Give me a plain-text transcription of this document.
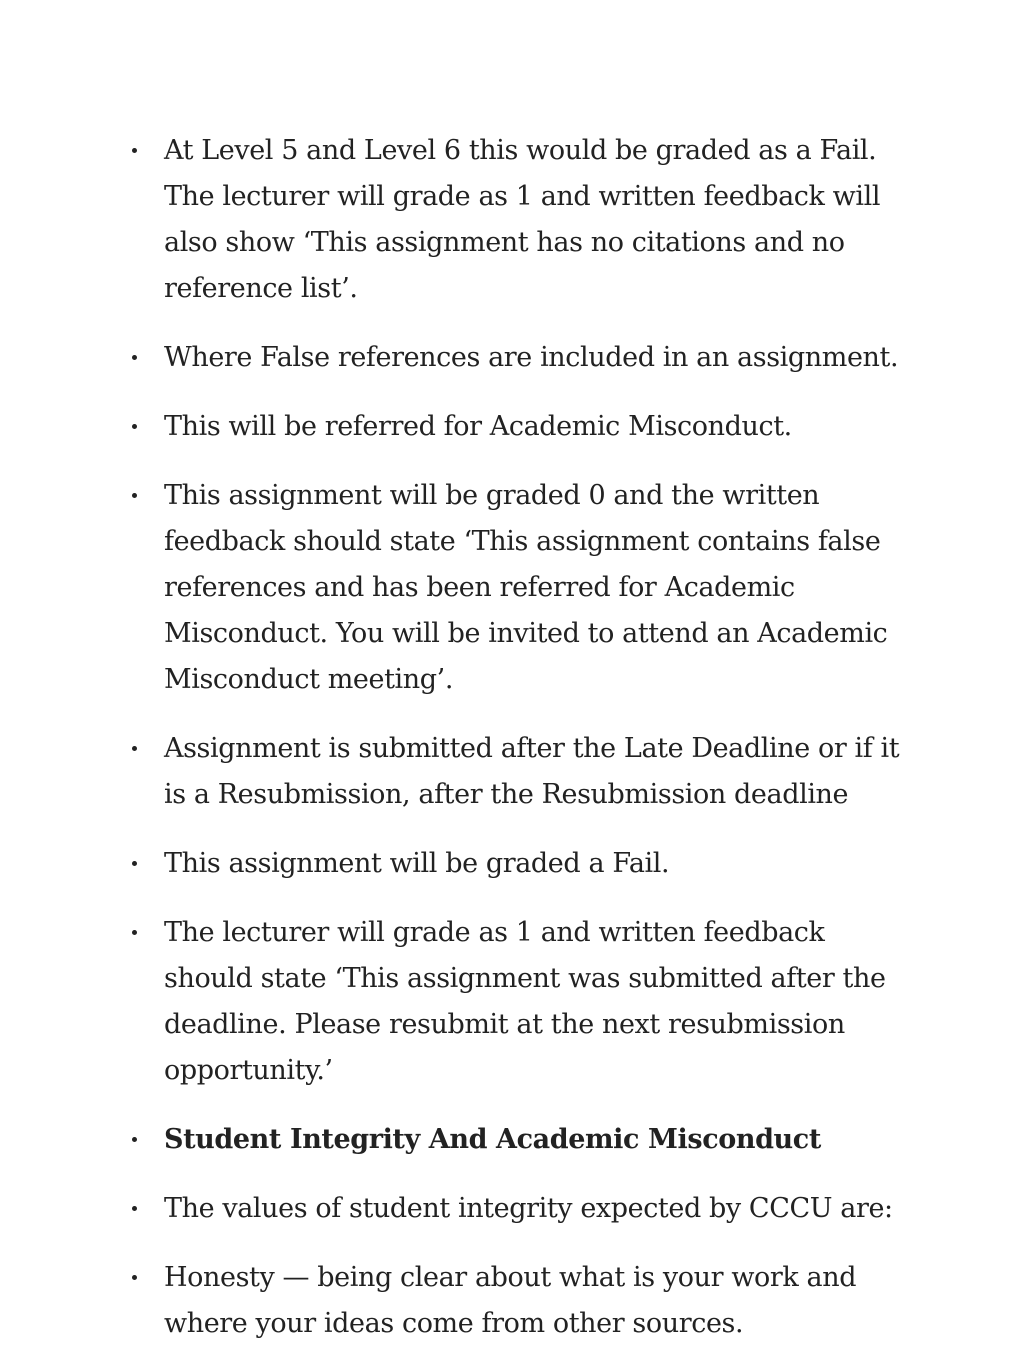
At Level 5 and Level 6 this would be graded as a Fail. The lecturer will grade as 1 and written feedback will also show ‘This assignment has no citations and no reference list’.
Where False references are included in an assignment.
This will be referred for Academic Misconduct.
This assignment will be graded 0 and the written feedback should state ‘This assignment contains false references and has been referred for Academic Misconduct. You will be invited to attend an Academic Misconduct meeting’.
Assignment is submitted after the Late Deadline or if it is a Resubmission, after the Resubmission deadline
This assignment will be graded a Fail.
The lecturer will grade as 1 and written feedback should state ‘This assignment was submitted after the deadline. Please resubmit at the next resubmission opportunity.’
Student Integrity And Academic Misconduct
The values of student integrity expected by CCCU are:
Honesty — being clear about what is your work and where your ideas come from other sources.
